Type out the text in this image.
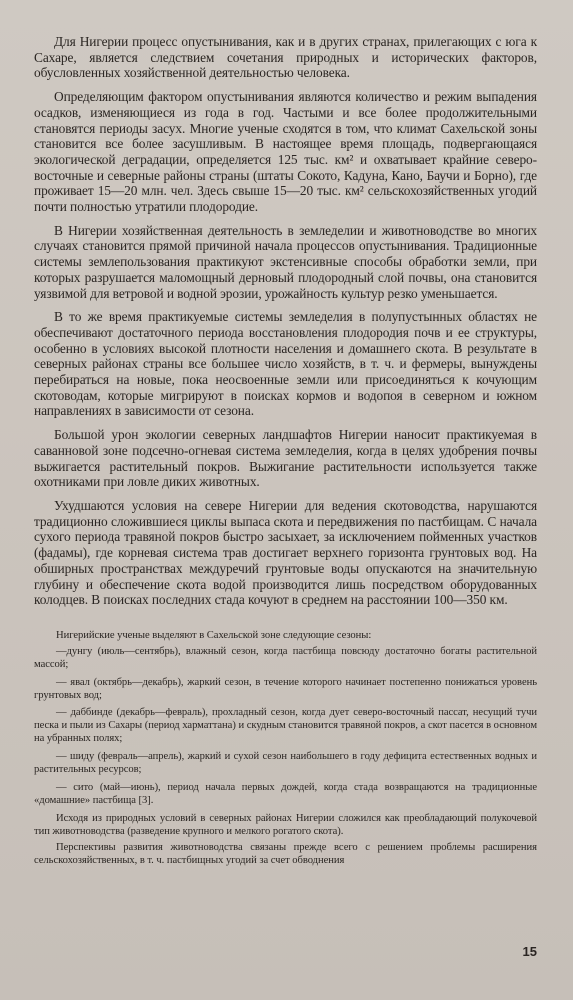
Для Нигерии процесс опустынивания, как и в других странах, прилегающих с юга к Сахаре, является следствием сочетания природных и исторических факторов, обусловленных хозяйственной деятельностью человека.

Определяющим фактором опустынивания являются количество и режим выпадения осадков, изменяющиеся из года в год. Частыми и все более продолжительными становятся периоды засух. Многие ученые сходятся в том, что климат Сахельской зоны становится все более засушливым. В настоящее время площадь, подвергающаяся экологической деградации, определяется 125 тыс. км² и охватывает крайние северо-восточные и северные районы страны (штаты Сокото, Кадуна, Кано, Баучи и Борно), где проживает 15—20 млн. чел. Здесь свыше 15—20 тыс. км² сельскохозяйственных угодий почти полностью утратили плодородие.

В Нигерии хозяйственная деятельность в земледелии и животноводстве во многих случаях становится прямой причиной начала процессов опустынивания. Традиционные системы землепользования практикуют экстенсивные способы обработки земли, при которых разрушается маломощный дерновый плодородный слой почвы, она становится уязвимой для ветровой и водной эрозии, урожайность культур резко уменьшается.

В то же время практикуемые системы земледелия в полупустынных областях не обеспечивают достаточного периода восстановления плодородия почв и ее структуры, особенно в условиях высокой плотности населения и домашнего скота. В результате в северных районах страны все большее число хозяйств, в т. ч. и фермеры, вынуждены перебираться на новые, пока неосвоенные земли или присоединяться к кочующим скотоводам, которые мигрируют в поисках кормов и водопоя в северном и южном направлениях в зависимости от сезона.

Большой урон экологии северных ландшафтов Нигерии наносит практикуемая в саванновой зоне подсечно-огневая система земледелия, когда в целях удобрения почвы выжигается растительный покров. Выжигание растительности используется также охотниками при ловле диких животных.

Ухудшаются условия на севере Нигерии для ведения скотоводства, нарушаются традиционно сложившиеся циклы выпаса скота и передвижения по пастбищам. С начала сухого периода травяной покров быстро засыхает, за исключением пойменных участков (фадамы), где корневая система трав достигает верхнего горизонта грунтовых вод. На обширных пространствах междуречий грунтовые воды опускаются на значительную глубину и обеспечение скота водой производится лишь посредством оборудованных колодцев. В поисках последних стада кочуют в среднем на расстоянии 100—350 км.

Нигерийские ученые выделяют в Сахельской зоне следующие сезоны:

—дунгу (июль—сентябрь), влажный сезон, когда пастбища повсюду достаточно богаты растительной массой;

— явал (октябрь—декабрь), жаркий сезон, в течение которого начинает постепенно понижаться уровень грунтовых вод;

— даббинде (декабрь—февраль), прохладный сезон, когда дует северо-восточный пассат, несущий тучи песка и пыли из Сахары (период харматтана) и скудным становится травяной покров, а скот пасется в основном на убранных полях;

— шиду (февраль—апрель), жаркий и сухой сезон наибольшего в году дефицита естественных водных и растительных ресурсов;

— сито (май—июнь), период начала первых дождей, когда стада возвращаются на традиционные «домашние» пастбища [3].

Исходя из природных условий в северных районах Нигерии сложился как преобладающий полукочевой тип животноводства (разведение крупного и мелкого рогатого скота).

Перспективы развития животноводства связаны прежде всего с решением проблемы расширения сельскохозяйственных, в т. ч. пастбищных угодий за счет обводнения

15
